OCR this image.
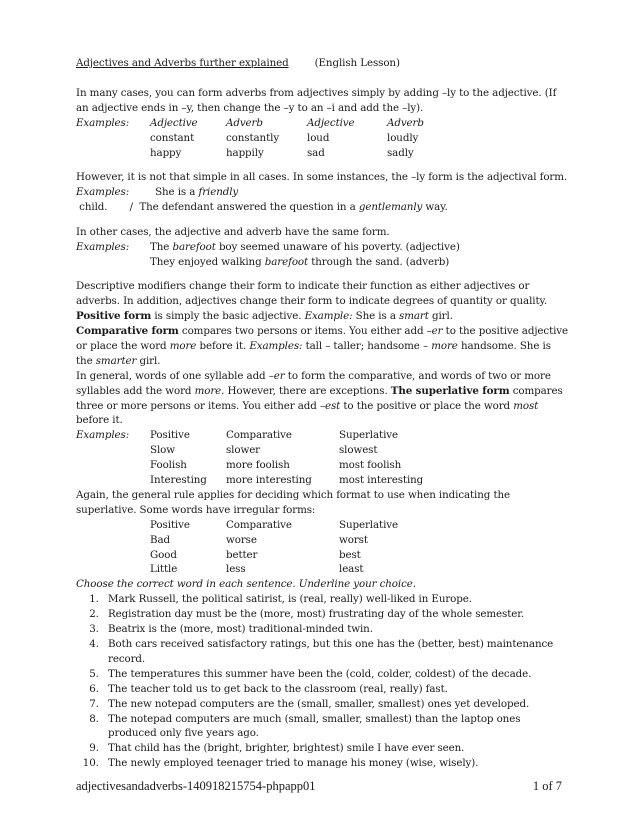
Adjectives and Adverbs further explained	(English Lesson)

In many cases, you can form adverbs from adjectives simply by adding –ly to the adjective. (If an adjective ends in –y, then change the –y to an –i and add the –ly).

Examples:	Adjective	Adverb	Adjective	Adverb
constant	constantly	loud	loudly
happy	happily	sad	sadly

However, it is not that simple in all cases. In some instances, the –ly form is the adjectival form.

Examples:	She is a friendly child.       /  The defendant answered the question in a gentlemanly way.

In other cases, the adjective and adverb have the same form.

Examples:	The barefoot boy seemed unaware of his poverty. (adjective)
They enjoyed walking barefoot through the sand. (adverb)

Descriptive modifiers change their form to indicate their function as either adjectives or adverbs. In addition, adjectives change their form to indicate degrees of quantity or quality.

Positive form is simply the basic adjective. Example: She is a smart girl.

Comparative form compares two persons or items. You either add –er to the positive adjective or place the word more before it. Examples: tall – taller; handsome – more handsome. She is the smarter girl.

In general, words of one syllable add –er to form the comparative, and words of two or more syllables add the word more. However, there are exceptions. The superlative form compares three or more persons or items. You either add –est to the positive or place the word most before it.

Examples:	Positive	Comparative	Superlative
Slow	slower	slowest
Foolish	more foolish	most foolish
Interesting	more interesting	most interesting

Again, the general rule applies for deciding which format to use when indicating the superlative. Some words have irregular forms:

Positive	Comparative	Superlative
Bad	worse	worst
Good	better	best
Little	less	least

Choose the correct word in each sentence. Underline your choice.

1. Mark Russell, the political satirist, is (real, really) well-liked in Europe.
2. Registration day must be the (more, most) frustrating day of the whole semester.
3. Beatrix is the (more, most) traditional-minded twin.
4. Both cars received satisfactory ratings, but this one has the (better, best) maintenance record.
5. The temperatures this summer have been the (cold, colder, coldest) of the decade.
6. The teacher told us to get back to the classroom (real, really) fast.
7. The new notepad computers are the (small, smaller, smallest) ones yet developed.
8. The notepad computers are much (small, smaller, smallest) than the laptop ones produced only five years ago.
9. That child has the (bright, brighter, brightest) smile I have ever seen.
10. The newly employed teenager tried to manage his money (wise, wisely).
adjectivesandadverbs-140918215754-phpapp01	1 of 7
